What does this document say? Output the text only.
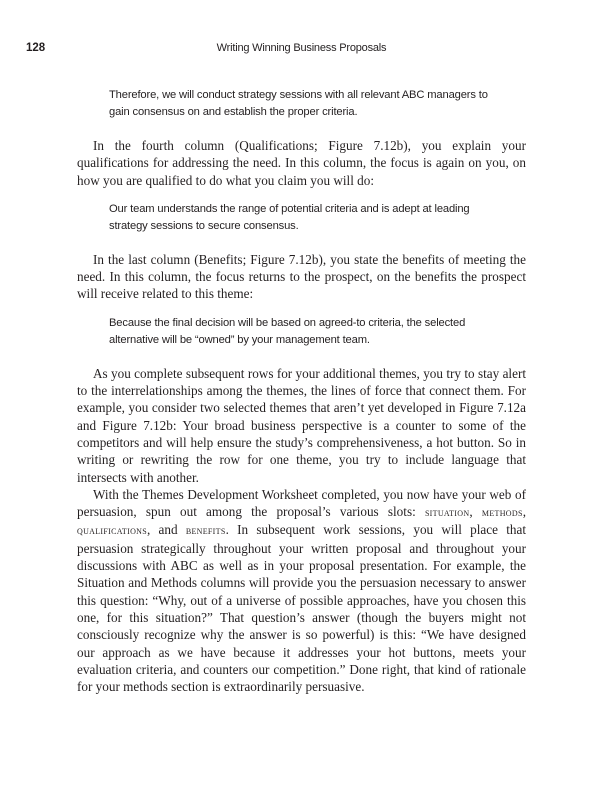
128	Writing Winning Business Proposals

Therefore, we will conduct strategy sessions with all relevant ABC managers to gain consensus on and establish the proper criteria.

In the fourth column (Qualifications; Figure 7.12b), you explain your qualifications for addressing the need. In this column, the focus is again on you, on how you are qualified to do what you claim you will do:

Our team understands the range of potential criteria and is adept at leading strategy sessions to secure consensus.

In the last column (Benefits; Figure 7.12b), you state the benefits of meeting the need. In this column, the focus returns to the prospect, on the benefits the prospect will receive related to this theme:

Because the final decision will be based on agreed-to criteria, the selected alternative will be “owned” by your management team.

As you complete subsequent rows for your additional themes, you try to stay alert to the interrelationships among the themes, the lines of force that connect them. For example, you consider two selected themes that aren’t yet developed in Figure 7.12a and Figure 7.12b: Your broad business perspective is a counter to some of the competitors and will help ensure the study’s comprehensiveness, a hot button. So in writing or rewriting the row for one theme, you try to include language that intersects with another.

With the Themes Development Worksheet completed, you now have your web of persuasion, spun out among the proposal’s various slots: situation, methods, qualifications, and benefits. In subsequent work sessions, you will place that persuasion strategically throughout your written proposal and throughout your discussions with ABC as well as in your proposal presentation. For example, the Situation and Methods columns will provide you the persuasion necessary to answer this question: “Why, out of a universe of possible approaches, have you chosen this one, for this situation?” That question’s answer (though the buyers might not consciously recognize why the answer is so powerful) is this: “We have designed our approach as we have because it addresses your hot buttons, meets your evaluation criteria, and counters our competition.” Done right, that kind of rationale for your methods section is extraordinarily persuasive.
